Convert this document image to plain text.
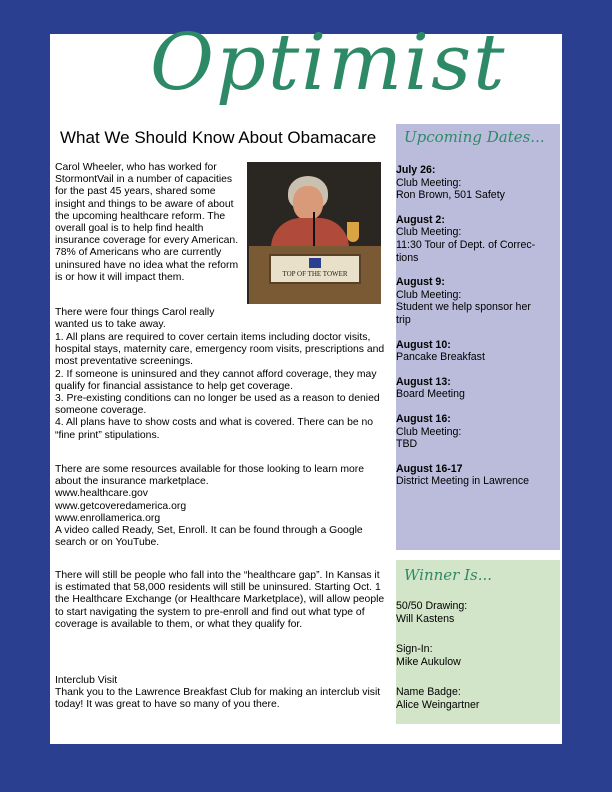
Optimist
What We Should Know About Obamacare
TOP OF THE TOWER

Carol Wheeler, who has worked for StormontVail in a number of capacities for the past 45 years, shared some insight and things to be aware of about the upcoming healthcare reform. The overall goal is to help find health insurance coverage for every American. 78% of Americans who are currently uninsured have no idea what the reform is or how it will impact them.

There were four things Carol really wanted us to take away.

1. All plans are required to cover certain items including doctor visits, hospital stays, maternity care, emergency room visits, prescriptions and most preventative screenings.

2. If someone is uninsured and they cannot afford coverage, they may qualify for financial assistance to help get coverage.

3. Pre-existing conditions can no longer be used as a reason to denied someone coverage.

4. All plans have to show costs and what is covered. There can be no “fine print” stipulations.

There are some resources available for those looking to learn more about the insurance marketplace.

www.healthcare.gov

www.getcoveredamerica.org

www.enrollamerica.org

A video called Ready, Set, Enroll. It can be found through a Google search or on YouTube.

There will still be people who fall into the “healthcare gap”. In Kansas it is estimated that 58,000 residents will still be uninsured. Starting Oct. 1 the Healthcare Exchange (or Healthcare Marketplace), will allow people to start navigating the system to pre-enroll and find out what type of coverage is available to them, or what they qualify for.

Interclub Visit

Thank you to the Lawrence Breakfast Club for making an interclub visit today! It was great to have so many of you there.

Upcoming Dates...
July 26:
Club Meeting:
Ron Brown, 501 Safety
August 2:
Club Meeting:
11:30 Tour of Dept. of Correc-
tions
August 9:
Club Meeting:
Student we help sponsor her
trip
August 10:
Pancake Breakfast
August 13:
Board Meeting
August 16:
Club Meeting:
TBD
August 16-17
District Meeting in Lawrence
Winner Is...
50/50 Drawing:
Will Kastens
Sign-In:
Mike Aukulow
Name Badge:
Alice Weingartner
